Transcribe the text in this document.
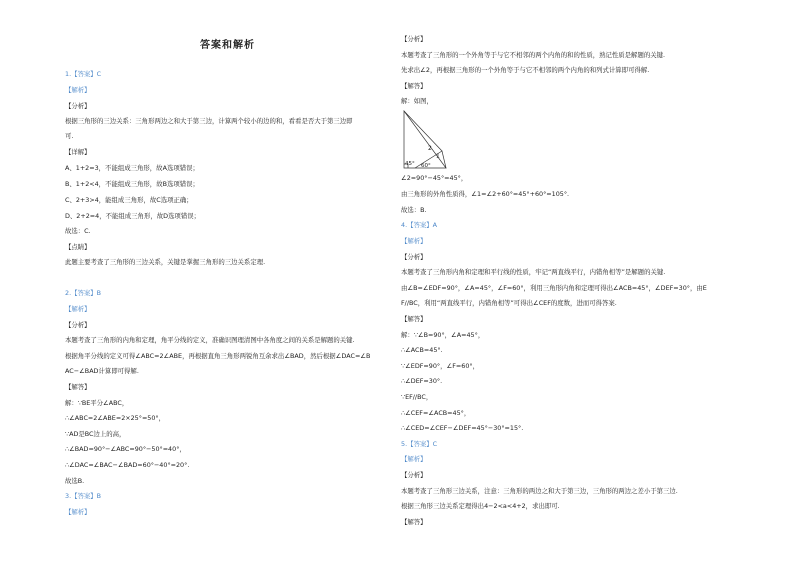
答案和解析
1.【答案】C
【解析】
【分析】
根据三角形的三边关系：三角形两边之和大于第三边，计算两个较小的边的和，看看是否大于第三边即
可.
【详解】
A、1+2=3，不能组成三角形，故A选项错误；
B、1+2<4，不能组成三角形，故B选项错误；
C、2+3>4，能组成三角形，故C选项正确；
D、2+2=4，不能组成三角形，故D选项错误；
故选：C.
【点睛】
此题主要考查了三角形的三边关系，关键是掌握三角形的三边关系定理.
2.【答案】B
【解析】
【分析】
本题考查了三角形的内角和定理，角平分线的定义，准确识图理清图中各角度之间的关系是解题的关键.
根据角平分线的定义可得∠ABC=2∠ABE，再根据直角三角形两锐角互余求出∠BAD，然后根据∠DAC=∠B
AC−∠BAD计算即可得解.
【解答】
解：∵BE平分∠ABC，
∴∠ABC=2∠ABE=2×25°=50°，
∵AD是BC边上的高，
∴∠BAD=90°−∠ABC=90°−50°=40°，
∴∠DAC=∠BAC−∠BAD=60°−40°=20°.
故选B.
3.【答案】B
【解析】
【分析】
本题考查了三角形的一个外角等于与它不相邻的两个内角的和的性质，熟记性质是解题的关键.
先求出∠2，再根据三角形的一个外角等于与它不相邻的两个内角的和列式计算即可得解.
【解答】
解：如图，
∠2=90°−45°=45°，
由三角形的外角性质得，∠1=∠2+60°=45°+60°=105°.
故选：B.
4.【答案】A
【解析】
【分析】
本题考查了三角形内角和定理和平行线的性质，牢记“两直线平行，内错角相等”是解题的关键.
由∠B=∠EDF=90°，∠A=45°，∠F=60°，利用三角形内角和定理可得出∠ACB=45°，∠DEF=30°，由E
F//BC，利用“两直线平行，内错角相等”可得出∠CEF的度数，进而可得答案.
【解答】
解：∵∠B=90°，∠A=45°，
∴∠ACB=45°.
∵∠EDF=90°，∠F=60°，
∴∠DEF=30°.
∵EF//BC，
∴∠CEF=∠ACB=45°，
∴∠CED=∠CEF−∠DEF=45°−30°=15°.
5.【答案】C
【解析】
【分析】
本题考查了三角形三边关系，注意：三角形的两边之和大于第三边，三角形的两边之差小于第三边.
根据三角形三边关系定理得出4−2<a<4+2，求出即可.
【解答】
2
1
45° 60°
